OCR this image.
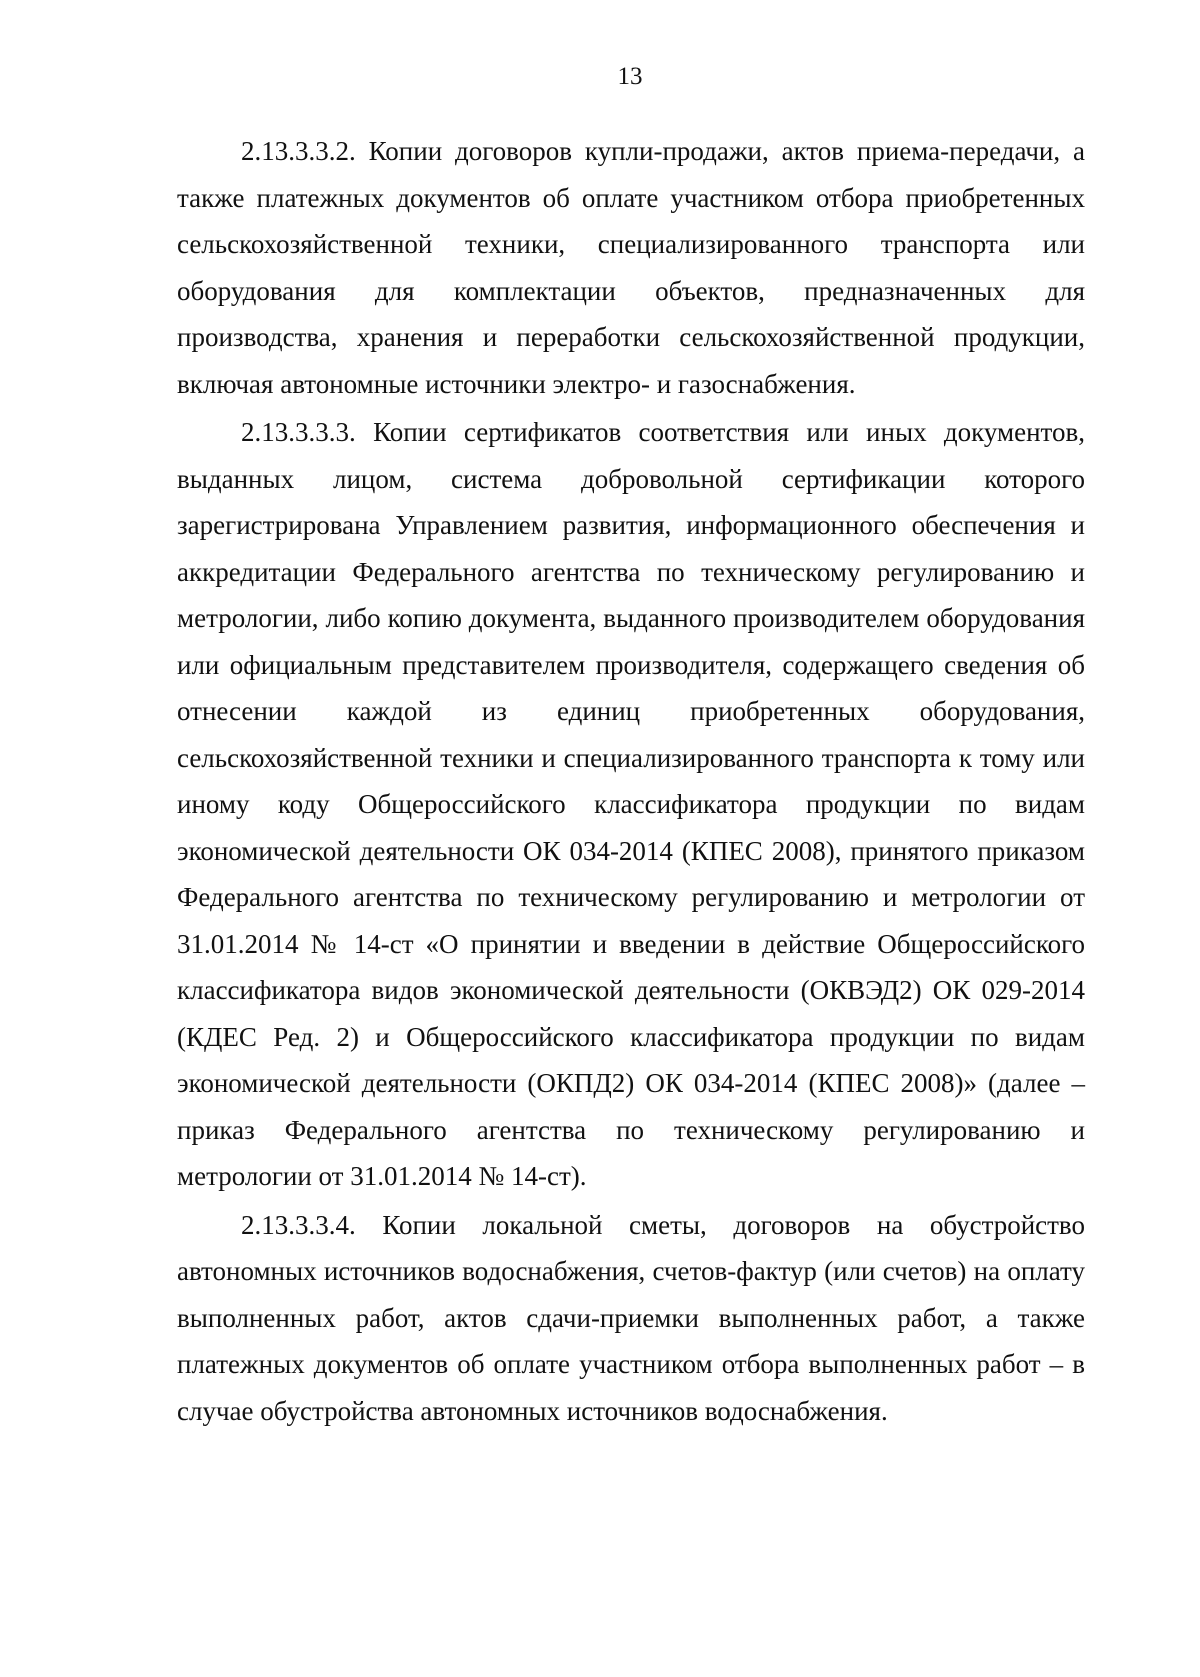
13

2.13.3.3.2. Копии договоров купли-продажи, актов приема-передачи, а также платежных документов об оплате участником отбора приобретенных сельскохозяйственной техники, специализированного транспорта или оборудования для комплектации объектов, предназначенных для производства, хранения и переработки сельскохозяйственной продукции, включая автономные источники электро- и газоснабжения.

2.13.3.3.3. Копии сертификатов соответствия или иных документов, выданных лицом, система добровольной сертификации которого зарегистрирована Управлением развития, информационного обеспечения и аккредитации Федерального агентства по техническому регулированию и метрологии, либо копию документа, выданного производителем оборудования или официальным представителем производителя, содержащего сведения об отнесении каждой из единиц приобретенных оборудования, сельскохозяйственной техники и специализированного транспорта к тому или иному коду Общероссийского классификатора продукции по видам экономической деятельности ОК 034-2014 (КПЕС 2008), принятого приказом Федерального агентства по техническому регулированию и метрологии от 31.01.2014 № 14-ст «О принятии и введении в действие Общероссийского классификатора видов экономической деятельности (ОКВЭД2) ОК 029-2014 (КДЕС Ред. 2) и Общероссийского классификатора продукции по видам экономической деятельности (ОКПД2) ОК 034-2014 (КПЕС 2008)» (далее – приказ Федерального агентства по техническому регулированию и метрологии от 31.01.2014 № 14-ст).

2.13.3.3.4. Копии локальной сметы, договоров на обустройство автономных источников водоснабжения, счетов-фактур (или счетов) на оплату выполненных работ, актов сдачи-приемки выполненных работ, а также платежных документов об оплате участником отбора выполненных работ – в случае обустройства автономных источников водоснабжения.
